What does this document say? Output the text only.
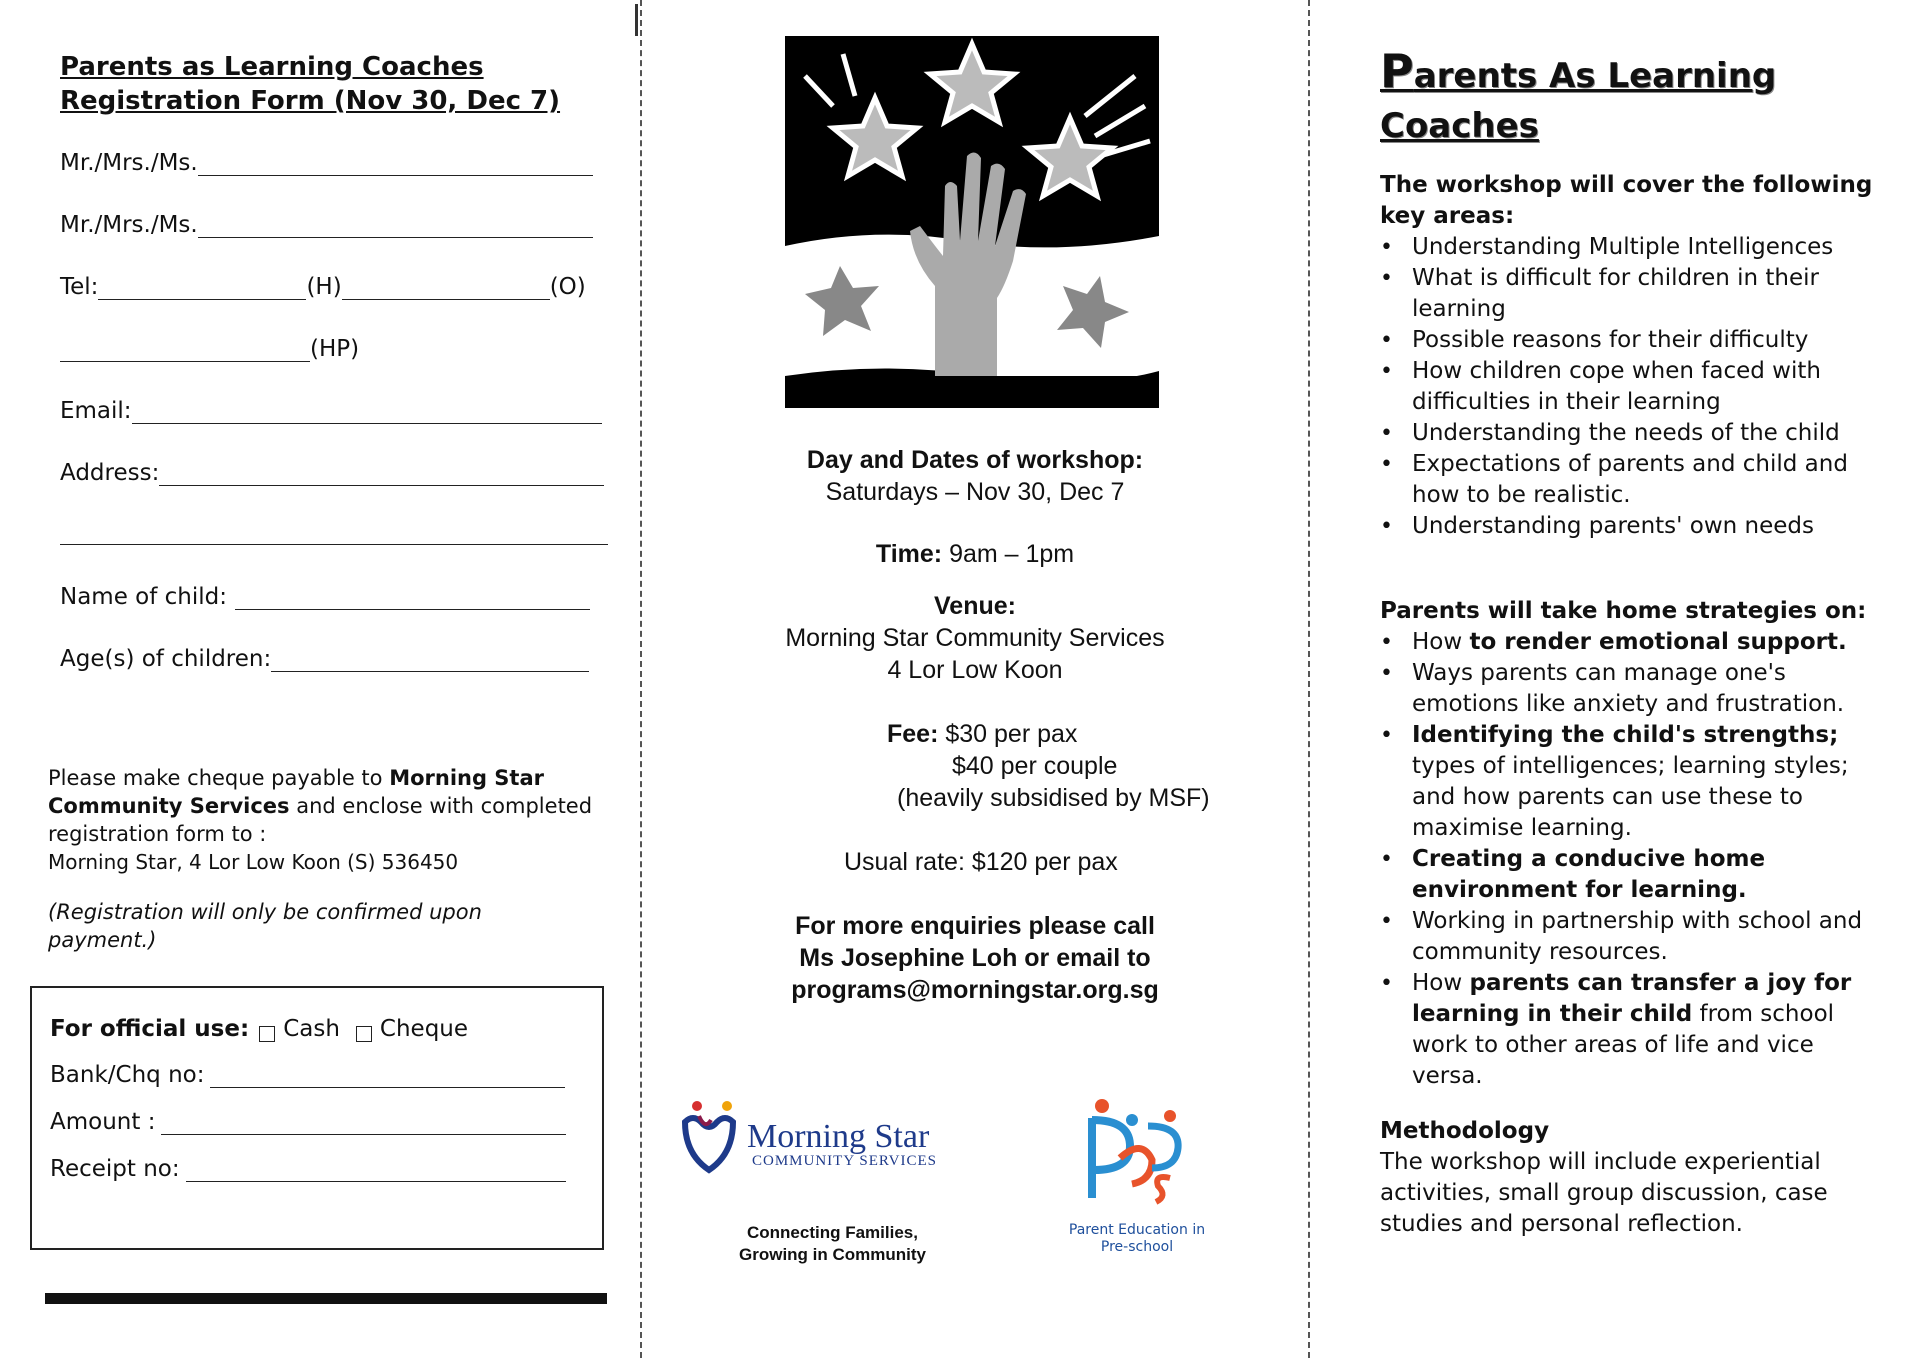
Parents as Learning Coaches
Registration Form (Nov 30, Dec 7)
Mr./Mrs./Ms.
Mr./Mrs./Ms.
Tel:	(H)	(O)
(HP)
Email:
Address:
Name of child:
Age(s) of children:
Please make cheque payable to Morning Star Community Services and enclose with completed registration form to :
Morning Star, 4 Lor Low Koon (S) 536450
(Registration will only be confirmed upon payment.)
For official use: Cash Cheque
Bank/Chq no:
Amount :
Receipt no:
Day and Dates of workshop:
Saturdays – Nov 30, Dec 7
Time: 9am – 1pm
Venue:
Morning Star Community Services
4 Lor Low Koon
Fee: $30 per pax
$40 per couple
(heavily subsidised by MSF)
Usual rate: $120 per pax
For more enquiries please call
Ms Josephine Loh or email to
programs@morningstar.org.sg
Morning Star
COMMUNITY SERVICES
Connecting Families,
Growing in Community
Parent Education in
Pre-school
Parents As Learning
Coaches
The workshop will cover the following key areas:
• Understanding Multiple Intelligences
• What is difficult for children in their learning
• Possible reasons for their difficulty
• How children cope when faced with difficulties in their learning
• Understanding the needs of the child
• Expectations of parents and child and how to be realistic.
• Understanding parents' own needs
Parents will take home strategies on:
• How to render emotional support.
• Ways parents can manage one's emotions like anxiety and frustration.
• Identifying the child's strengths; types of intelligences; learning styles; and how parents can use these to maximise learning.
• Creating a conducive home environment for learning.
• Working in partnership with school and community resources.
• How parents can transfer a joy for learning in their child from school work to other areas of life and vice versa.
Methodology
The workshop will include experiential activities, small group discussion, case studies and personal reflection.
